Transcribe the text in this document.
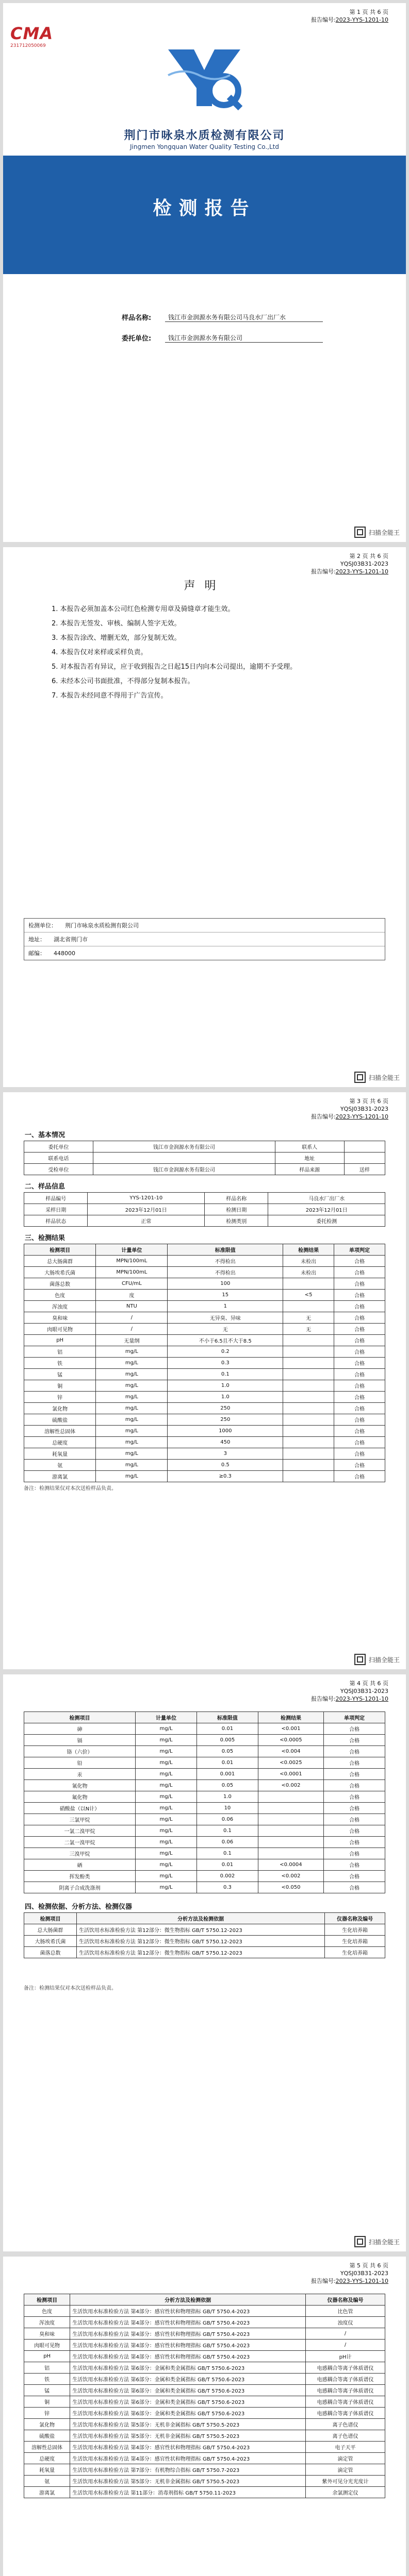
第 1 页 共 6 页
报告编号:2023-YYS-1201-10
CMA
231712050069
荆门市咏泉水质检测有限公司
Jingmen Yongquan Water Quality Testing Co.,Ltd
检测报告
样品名称:	钱江市金润源水务有限公司马良水厂出厂水
委托单位:	钱江市金润源水务有限公司
扫描全能王
第 2 页 共 6 页
YQSJ03B31-2023
报告编号:2023-YYS-1201-10
声明

1. 本报告必须加盖本公司红色检测专用章及骑缝章才能生效。

2. 本报告无签发、审核、编制人签字无效。

3. 本报告涂改、增删无效，部分复制无效。

4. 本报告仅对来样或采样负责。

5. 对本报告若有异议，应于收到报告之日起15日内向本公司提出，逾期不予受理。

6. 未经本公司书面批准，不得部分复制本报告。

7. 本报告未经同意不得用于广告宣传。

检测单位：	荆门市咏泉水质检测有限公司
地址：	湖北省荆门市
邮编：	448000
扫描全能王
第 3 页 共 6 页
YQSJ03B31-2023
报告编号:2023-YYS-1201-10
一、基本情况
委托单位	钱江市金润源水务有限公司	联系人	
联系电话		地址	
受检单位	钱江市金润源水务有限公司	样品来源	送样
二、样品信息
样品编号	YYS-1201-10	样品名称	马良水厂出厂水
采样日期	2023年12月01日	检测日期	2023年12月01日
样品状态	正常	检测类别	委托检测
三、检测结果
检测项目	计量单位	标准限值	检测结果	单项判定
总大肠菌群	MPN/100mL	不得检出	未检出	合格
大肠埃希氏菌	MPN/100mL	不得检出	未检出	合格
菌落总数	CFU/mL	100		合格
色度	度	15	<5	合格
浑浊度	NTU	1		合格
臭和味	/	无异臭、异味	无	合格
肉眼可见物	/	无	无	合格
pH	无量纲	不小于6.5且不大于8.5		合格
铝	mg/L	0.2		合格
铁	mg/L	0.3		合格
锰	mg/L	0.1		合格
铜	mg/L	1.0		合格
锌	mg/L	1.0		合格
氯化物	mg/L	250		合格
硫酸盐	mg/L	250		合格
溶解性总固体	mg/L	1000		合格
总硬度	mg/L	450		合格
耗氧量	mg/L	3		合格
氨	mg/L	0.5		合格
游离氯	mg/L	≥0.3		合格
备注：检测结果仅对本次送检样品负责。
扫描全能王
第 4 页 共 6 页
YQSJ03B31-2023
报告编号:2023-YYS-1201-10
检测项目	计量单位	标准限值	检测结果	单项判定
砷	mg/L	0.01	<0.001	合格
镉	mg/L	0.005	<0.0005	合格
铬（六价）	mg/L	0.05	<0.004	合格
铅	mg/L	0.01	<0.0025	合格
汞	mg/L	0.001	<0.0001	合格
氰化物	mg/L	0.05	<0.002	合格
氟化物	mg/L	1.0		合格
硝酸盐（以N计）	mg/L	10		合格
三氯甲烷	mg/L	0.06		合格
一氯二溴甲烷	mg/L	0.1		合格
二氯一溴甲烷	mg/L	0.06		合格
三溴甲烷	mg/L	0.1		合格
硒	mg/L	0.01	<0.0004	合格
挥发酚类	mg/L	0.002	<0.002	合格
阴离子合成洗涤剂	mg/L	0.3	<0.050	合格
四、检测依据、分析方法、检测仪器
检测项目	分析方法及检测依据	仪器名称及编号
总大肠菌群	生活饮用水标准检验方法 第12部分：微生物指标 GB/T 5750.12-2023	生化培养箱
大肠埃希氏菌	生活饮用水标准检验方法 第12部分：微生物指标 GB/T 5750.12-2023	生化培养箱
菌落总数	生活饮用水标准检验方法 第12部分：微生物指标 GB/T 5750.12-2023	生化培养箱
备注：检测结果仅对本次送检样品负责。
扫描全能王
第 5 页 共 6 页
YQSJ03B31-2023
报告编号:2023-YYS-1201-10
检测项目	分析方法及检测依据	仪器名称及编号
色度	生活饮用水标准检验方法 第4部分：感官性状和物理指标 GB/T 5750.4-2023	比色管
浑浊度	生活饮用水标准检验方法 第4部分：感官性状和物理指标 GB/T 5750.4-2023	浊度仪
臭和味	生活饮用水标准检验方法 第4部分：感官性状和物理指标 GB/T 5750.4-2023	/
肉眼可见物	生活饮用水标准检验方法 第4部分：感官性状和物理指标 GB/T 5750.4-2023	/
pH	生活饮用水标准检验方法 第4部分：感官性状和物理指标 GB/T 5750.4-2023	pH计
铝	生活饮用水标准检验方法 第6部分：金属和类金属指标 GB/T 5750.6-2023	电感耦合等离子体质谱仪
铁	生活饮用水标准检验方法 第6部分：金属和类金属指标 GB/T 5750.6-2023	电感耦合等离子体质谱仪
锰	生活饮用水标准检验方法 第6部分：金属和类金属指标 GB/T 5750.6-2023	电感耦合等离子体质谱仪
铜	生活饮用水标准检验方法 第6部分：金属和类金属指标 GB/T 5750.6-2023	电感耦合等离子体质谱仪
锌	生活饮用水标准检验方法 第6部分：金属和类金属指标 GB/T 5750.6-2023	电感耦合等离子体质谱仪
氯化物	生活饮用水标准检验方法 第5部分：无机非金属指标 GB/T 5750.5-2023	离子色谱仪
硫酸盐	生活饮用水标准检验方法 第5部分：无机非金属指标 GB/T 5750.5-2023	离子色谱仪
溶解性总固体	生活饮用水标准检验方法 第4部分：感官性状和物理指标 GB/T 5750.4-2023	电子天平
总硬度	生活饮用水标准检验方法 第4部分：感官性状和物理指标 GB/T 5750.4-2023	滴定管
耗氧量	生活饮用水标准检验方法 第7部分：有机物综合指标 GB/T 5750.7-2023	滴定管
氨	生活饮用水标准检验方法 第5部分：无机非金属指标 GB/T 5750.5-2023	紫外可见分光光度计
游离氯	生活饮用水标准检验方法 第11部分：消毒剂指标 GB/T 5750.11-2023	余氯测定仪
